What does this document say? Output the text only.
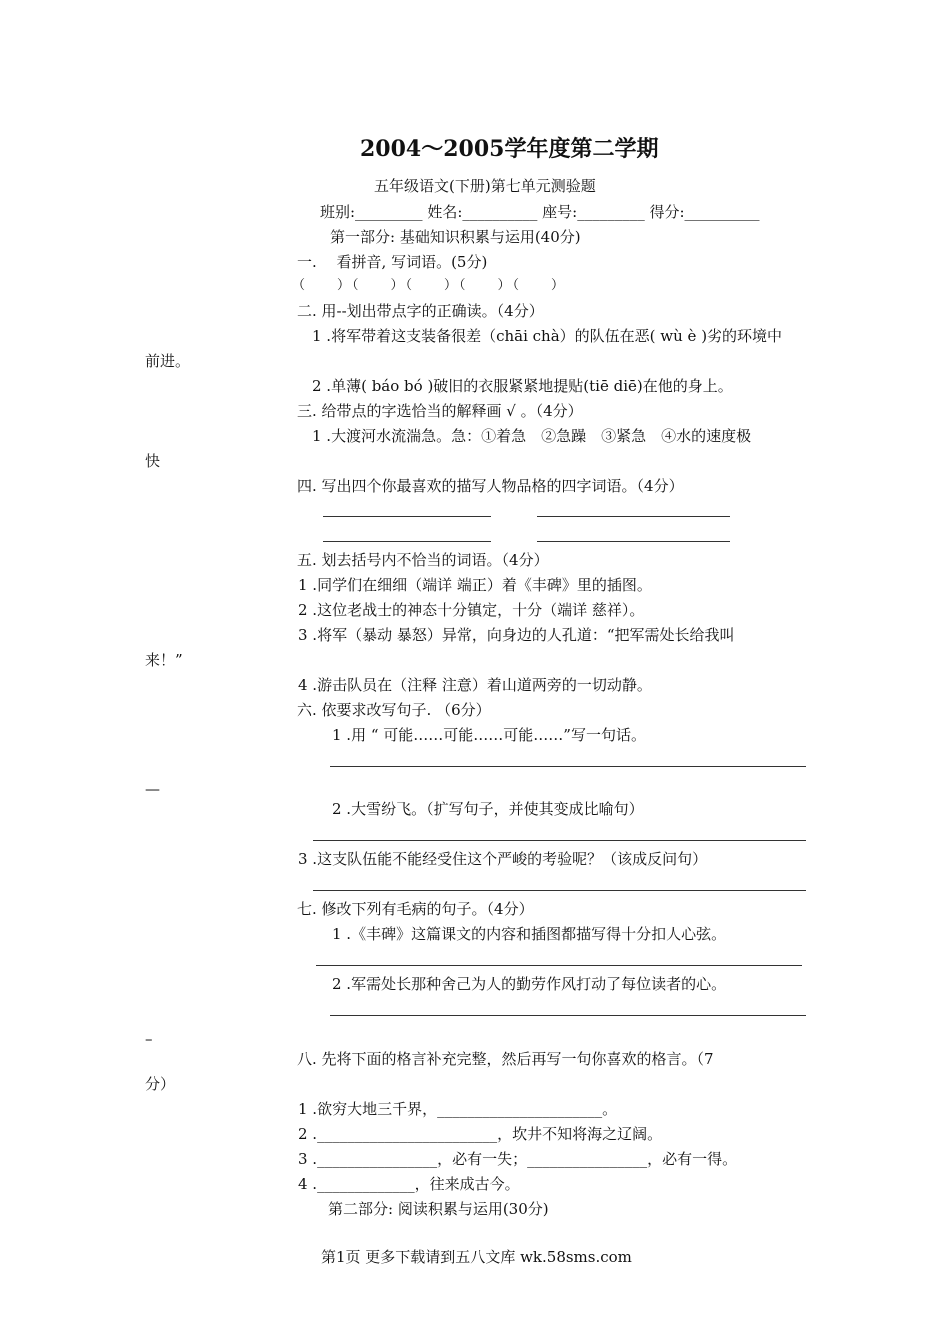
2004～2005学年度第二学期
五年级语文(下册)第七单元测验题
班别:_________ 姓名:__________ 座号:_________ 得分:__________
第一部分: 基础知识积累与运用(40分)
一.　 看拼音, 写词语。(5分)
（　　）（　　）（　　）（　　）（　　）
二. 用--划出带点字的正确读。（4分）
1 .将军带着这支装备很差（chāi chà）的队伍在恶( wù è )劣的环境中
前进。
2 .单薄( báo bó )破旧的衣服紧紧地提贴(tiē diē)在他的身上。
三. 给带点的字选恰当的解释画 √ 。（4分）
1 .大渡河水流湍急。急：①着急　②急躁　③紧急　④水的速度极
快
四. 写出四个你最喜欢的描写人物品格的四字词语。（4分）
五. 划去括号内不恰当的词语。（4分）
1 .同学们在细细（端详 端正）着《丰碑》里的插图。
2 .这位老战士的神态十分镇定，十分（端详 慈祥）。
3 .将军（暴动 暴怒）异常，向身边的人孔道：“把军需处长给我叫
来！”
4 .游击队员在（注释 注意）着山道两旁的一切动静。
六. 依要求改写句子. （6分）
1 .用 “ 可能……可能……可能……”写一句话。
—
2 .大雪纷飞。（扩写句子，并使其变成比喻句）
3 .这支队伍能不能经受住这个严峻的考验呢？（该成反问句）
七. 修改下列有毛病的句子。（4分）
1 .《丰碑》这篇课文的内容和插图都描写得十分扣人心弦。
2 .军需处长那种舍己为人的勤劳作风打动了每位读者的心。
–
八. 先将下面的格言补充完整，然后再写一句你喜欢的格言。（7
分）
1 .欲穷大地三千界，______________________。
2 .________________________，坎井不知将海之辽阔。
3 .________________，必有一失；________________，必有一得。
4 ._____________，往来成古今。
第二部分: 阅读积累与运用(30分)
第1页 更多下载请到五八文库 wk.58sms.com
